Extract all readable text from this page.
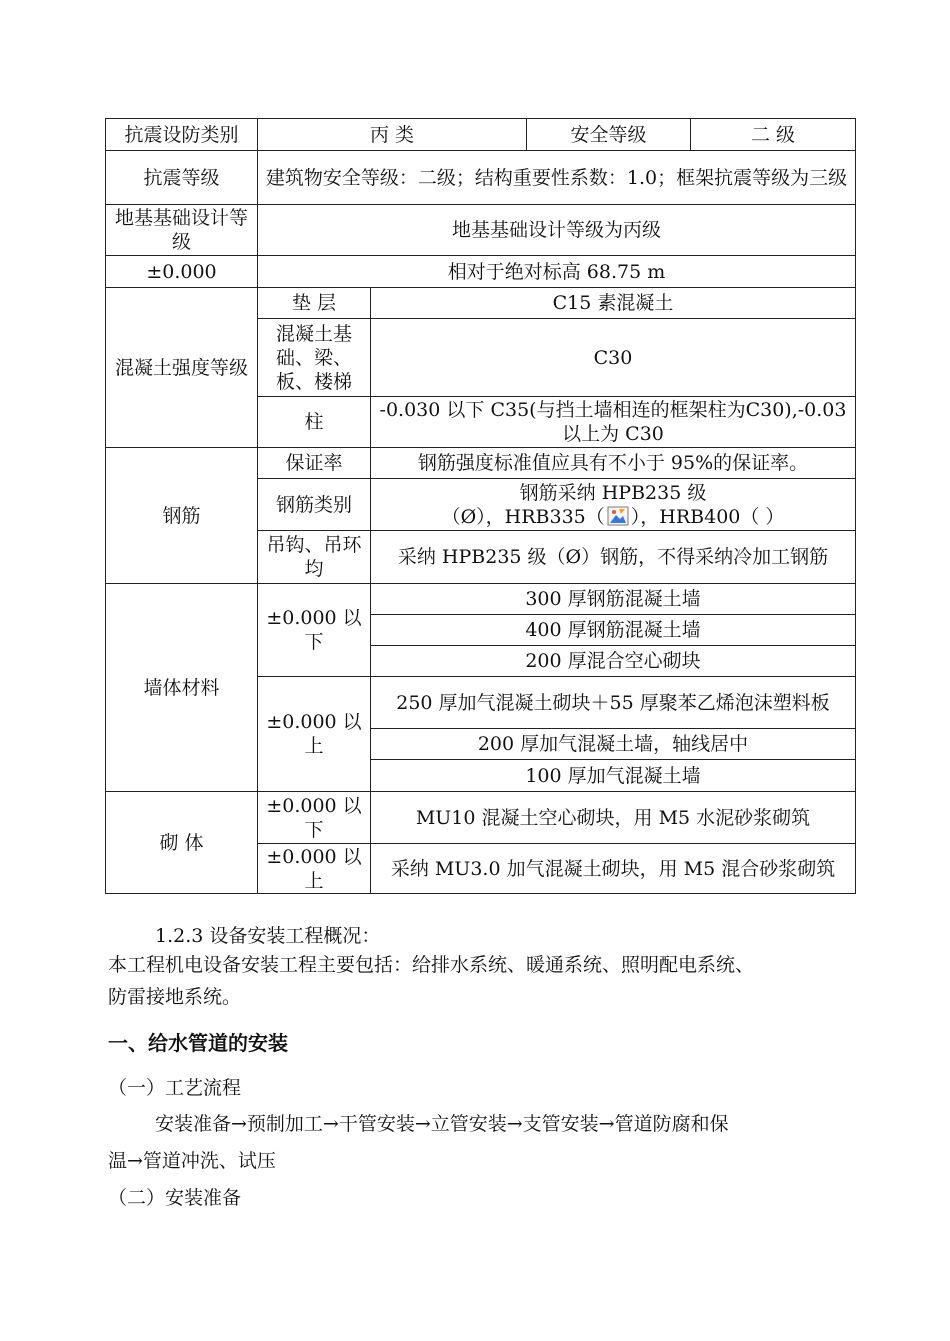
抗震设防类别	丙 类		安全等级	二 级
抗震等级	建筑物安全等级：二级；结构重要性系数：1.0；框架抗震等级为三级			
地基基础设计等级	地基基础设计等级为丙级			
±0.000	相对于绝对标高 68.75 m			
混凝土强度等级	垫 层	C15 素混凝土		
	混凝土基础、梁、板、楼梯	C30		
	柱	-0.030 以下 C35(与挡土墙相连的框架柱为C30),-0.03 以上为 C30		
钢筋	保证率	钢筋强度标准值应具有不小于 95%的保证率。		
	钢筋类别	钢筋采纳 HPB235 级
（Ø），HRB335（ ），HRB400（ ）		

	吊钩、吊环均	采纳 HPB235 级（Ø）钢筋，不得采纳冷加工钢筋		
墙体材料	±0.000 以下	300 厚钢筋混凝土墙		
		400 厚钢筋混凝土墙		
		200 厚混合空心砌块		
	±0.000 以上	250 厚加气混凝土砌块＋55 厚聚苯乙烯泡沫塑料板		
		200 厚加气混凝土墙，轴线居中		
		100 厚加气混凝土墙		
砌 体	±0.000 以下	MU10 混凝土空心砌块，用 M5 水泥砂浆砌筑		
	±0.000 以上	采纳 MU3.0 加气混凝土砌块，用 M5 混合砂浆砌筑		
1.2.3 设备安装工程概况：
本工程机电设备安装工程主要包括：给排水系统、暖通系统、照明配电系统、
防雷接地系统。
一、给水管道的安装
（一）工艺流程
安装准备→预制加工→干管安装→立管安装→支管安装→管道防腐和保
温→管道冲洗、试压
（二）安装准备
